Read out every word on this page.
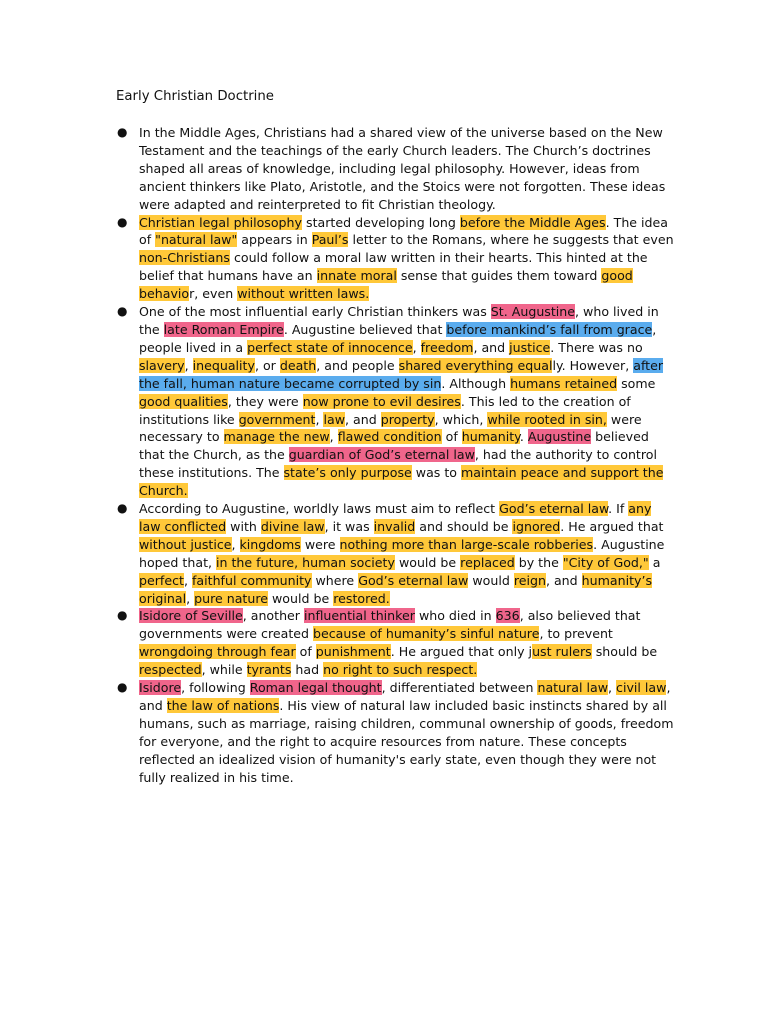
Early Christian Doctrine
● In the Middle Ages, Christians had a shared view of the universe based on the New Testament and the teachings of the early Church leaders. The Church’s doctrines shaped all areas of knowledge, including legal philosophy. However, ideas from ancient thinkers like Plato, Aristotle, and the Stoics were not forgotten. These ideas were adapted and reinterpreted to fit Christian theology.
● Christian legal philosophy started developing long before the Middle Ages. The idea of "natural law" appears in Paul’s letter to the Romans, where he suggests that even non-Christians could follow a moral law written in their hearts. This hinted at the belief that humans have an innate moral sense that guides them toward good behavior, even without written laws.
● One of the most influential early Christian thinkers was St. Augustine, who lived in the late Roman Empire. Augustine believed that before mankind’s fall from grace, people lived in a perfect state of innocence, freedom, and justice. There was no slavery, inequality, or death, and people shared everything equally. However, after the fall, human nature became corrupted by sin. Although humans retained some good qualities, they were now prone to evil desires. This led to the creation of institutions like government, law, and property, which, while rooted in sin, were necessary to manage the new, flawed condition of humanity. Augustine believed that the Church, as the guardian of God’s eternal law, had the authority to control these institutions. The state’s only purpose was to maintain peace and support the Church.
● According to Augustine, worldly laws must aim to reflect God’s eternal law. If any law conflicted with divine law, it was invalid and should be ignored. He argued that without justice, kingdoms were nothing more than large-scale robberies. Augustine hoped that, in the future, human society would be replaced by the "City of God," a perfect, faithful community where God’s eternal law would reign, and humanity’s original, pure nature would be restored.
● Isidore of Seville, another influential thinker who died in 636, also believed that governments were created because of humanity’s sinful nature, to prevent wrongdoing through fear of punishment. He argued that only just rulers should be respected, while tyrants had no right to such respect.
● Isidore, following Roman legal thought, differentiated between natural law, civil law, and the law of nations. His view of natural law included basic instincts shared by all humans, such as marriage, raising children, communal ownership of goods, freedom for everyone, and the right to acquire resources from nature. These concepts reflected an idealized vision of humanity's early state, even though they were not fully realized in his time.
